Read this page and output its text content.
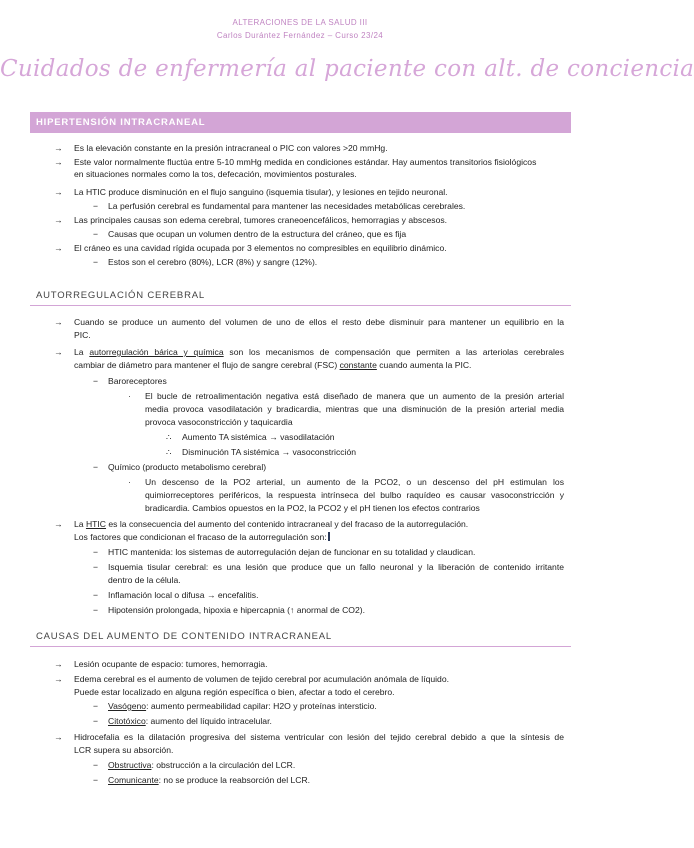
ALTERACIONES DE LA SALUD III
Carlos Durántez Fernández – Curso 23/24
Cuidados de enfermería al paciente con alt. de conciencia
HIPERTENSIÓN INTRACRANEAL
→ Es la elevación constante en la presión intracraneal o PIC con valores >20 mmHg.
→ Este valor normalmente fluctúa entre 5-10 mmHg medida en condiciones estándar. Hay aumentos transitorios fisiológicos
en situaciones normales como la tos, defecación, movimientos posturales.
→ La HTIC produce disminución en el flujo sanguino (isquemia tisular), y lesiones en tejido neuronal.
− La perfusión cerebral es fundamental para mantener las necesidades metabólicas cerebrales.
→ Las principales causas son edema cerebral, tumores craneoencefálicos, hemorragias y abscesos.
− Causas que ocupan un volumen dentro de la estructura del cráneo, que es fija
→ El cráneo es una cavidad rígida ocupada por 3 elementos no compresibles en equilibrio dinámico.
− Estos son el cerebro (80%), LCR (8%) y sangre (12%).
AUTORREGULACIÓN CEREBRAL
→ Cuando se produce un aumento del volumen de uno de ellos el resto debe disminuir para mantener un equilibrio en la
PIC.
→ La autorregulación bárica y química son los mecanismos de compensación que permiten a las arteriolas cerebrales
cambiar de diámetro para mantener el flujo de sangre cerebral (FSC) constante cuando aumenta la PIC.
− Baroreceptores
· El bucle de retroalimentación negativa está diseñado de manera que un aumento de la presión arterial
media provoca vasodilatación y bradicardia, mientras que una disminución de la presión arterial media
provoca vasoconstricción y taquicardia
∴ Aumento TA sistémica → vasodilatación
∴ Disminución TA sistémica → vasoconstricción
− Químico (producto metabolismo cerebral)
· Un descenso de la PO2 arterial, un aumento de la PCO2, o un descenso del pH estimulan los
quimiorreceptores periféricos, la respuesta intrínseca del bulbo raquídeo es causar vasoconstricción y
bradicardia. Cambios opuestos en la PO2, la PCO2 y el pH tienen los efectos contrarios
→ La HTIC es la consecuencia del aumento del contenido intracraneal y del fracaso de la autorregulación.
Los factores que condicionan el fracaso de la autorregulación son:
− HTIC mantenida: los sistemas de autorregulación dejan de funcionar en su totalidad y claudican.
− Isquemia tisular cerebral: es una lesión que produce que un fallo neuronal y la liberación de contenido irritante
dentro de la célula.
− Inflamación local o difusa → encefalitis.
− Hipotensión prolongada, hipoxia e hipercapnia (↑ anormal de CO2).
CAUSAS DEL AUMENTO DE CONTENIDO INTRACRANEAL
→ Lesión ocupante de espacio: tumores, hemorragia.
→ Edema cerebral es el aumento de volumen de tejido cerebral por acumulación anómala de líquido.
Puede estar localizado en alguna región específica o bien, afectar a todo el cerebro.
− Vasógeno: aumento permeabilidad capilar: H2O y proteínas intersticio.
− Citotóxico: aumento del líquido intracelular.
→ Hidrocefalia es la dilatación progresiva del sistema ventricular con lesión del tejido cerebral debido a que la síntesis de
LCR supera su absorción.
− Obstructiva: obstrucción a la circulación del LCR.
− Comunicante: no se produce la reabsorción del LCR.
